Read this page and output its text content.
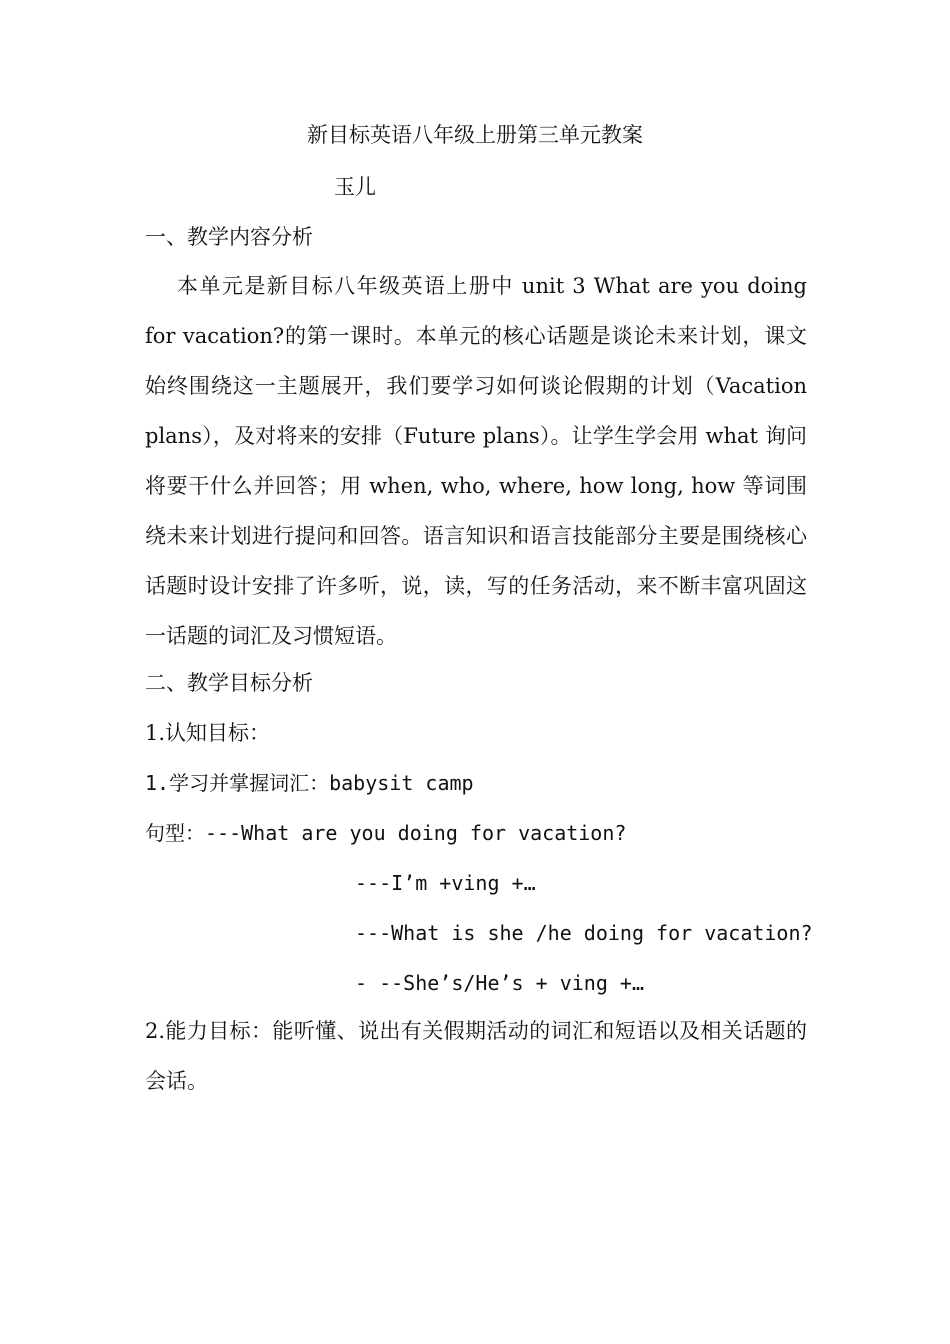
新目标英语八年级上册第三单元教案
玉儿
一、教学内容分析
本单元是新目标八年级英语上册中 unit 3 What are you doing for vacation?的第一课时。本单元的核心话题是谈论未来计划，课文始终围绕这一主题展开，我们要学习如何谈论假期的计划（Vacation plans），及对将来的安排（Future plans）。让学生学会用 what 询问将要干什么并回答；用 when, who, where, how long, how 等词围绕未来计划进行提问和回答。语言知识和语言技能部分主要是围绕核心话题时设计安排了许多听，说，读，写的任务活动，来不断丰富巩固这一话题的词汇及习惯短语。
二、教学目标分析
1.认知目标：
1.学习并掌握词汇：babysit camp
句型：---What are you doing for vacation?
---I’m +ving +…
---What is she /he doing for vacation?
- --She’s/He’s + ving +…
2.能力目标：能听懂、说出有关假期活动的词汇和短语以及相关话题的会话。
